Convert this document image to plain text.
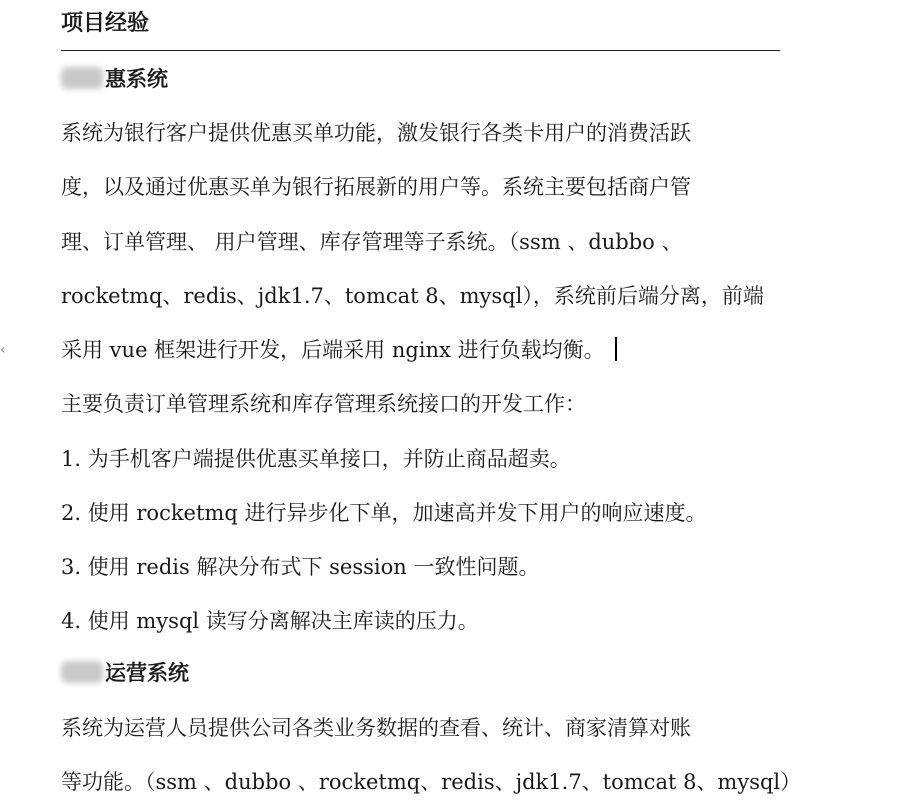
项目经验
‹
惠系统
系统为银行客户提供优惠买单功能，激发银行各类卡用户的消费活跃
度，以及通过优惠买单为银行拓展新的用户等。系统主要包括商户管
理、订单管理、 用户管理、库存管理等子系统。（ssm 、dubbo 、
rocketmq、redis、jdk1.7、tomcat 8、mysql），系统前后端分离，前端
采用 vue 框架进行开发，后端采用 nginx 进行负载均衡。
主要负责订单管理系统和库存管理系统接口的开发工作：
1. 为手机客户端提供优惠买单接口，并防止商品超卖。
2. 使用 rocketmq 进行异步化下单，加速高并发下用户的响应速度。
3. 使用 redis 解决分布式下 session 一致性问题。
4. 使用 mysql 读写分离解决主库读的压力。
运营系统
系统为运营人员提供公司各类业务数据的查看、统计、商家清算对账
等功能。（ssm 、dubbo 、rocketmq、redis、jdk1.7、tomcat 8、mysql）
